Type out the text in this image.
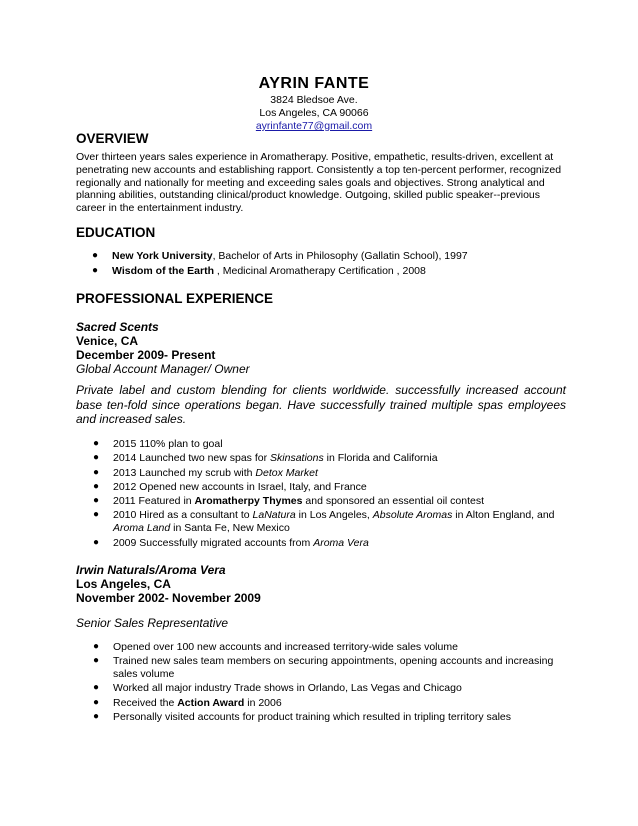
AYRIN FANTE
3824 Bledsoe Ave.
Los Angeles, CA 90066
ayrinfante77@gmail.com
OVERVIEW

Over thirteen years sales experience in Aromatherapy. Positive, empathetic, results-driven, excellent at penetrating new accounts and establishing rapport. Consistently a top ten-percent performer, recognized regionally and nationally for meeting and exceeding sales goals and objectives. Strong analytical and planning abilities, outstanding clinical/product knowledge. Outgoing, skilled public speaker--previous career in the entertainment industry.

EDUCATION
● New York University, Bachelor of Arts in Philosophy (Gallatin School), 1997
● Wisdom of the Earth , Medicinal Aromatherapy Certification , 2008
PROFESSIONAL EXPERIENCE
Sacred Scents
Venice, CA
December 2009- Present
Global Account Manager/ Owner

Private label and custom blending for clients worldwide. successfully increased account base ten-fold since operations began. Have successfully trained multiple spas employees and increased sales.

● 2015 110% plan to goal
● 2014 Launched two new spas for Skinsations in Florida and California
● 2013 Launched my scrub with Detox Market
● 2012 Opened new accounts in Israel, Italy, and France
● 2011 Featured in Aromatherpy Thymes and sponsored an essential oil contest
● 2010 Hired as a consultant to LaNatura in Los Angeles, Absolute Aromas in Alton England, and Aroma Land in Santa Fe, New Mexico
● 2009 Successfully migrated accounts from Aroma Vera
Irwin Naturals/Aroma Vera
Los Angeles, CA
November 2002- November 2009
Senior Sales Representative
● Opened over 100 new accounts and increased territory-wide sales volume
● Trained new sales team members on securing appointments, opening accounts and increasing sales volume
● Worked all major industry Trade shows in Orlando, Las Vegas and Chicago
● Received the Action Award in 2006
● Personally visited accounts for product training which resulted in tripling territory sales
